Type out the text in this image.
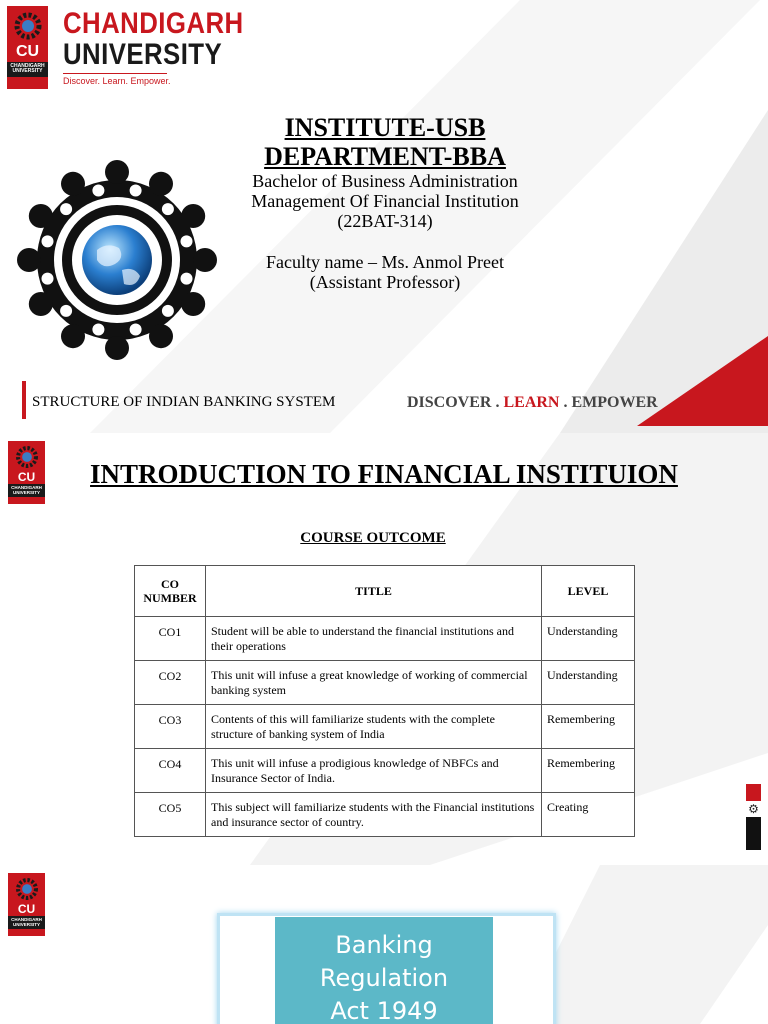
CU
CHANDIGARH UNIVERSITY
CHANDIGARH
UNIVERSITY
Discover. Learn. Empower.
INSTITUTE-USB
DEPARTMENT-BBA
Bachelor of Business Administration
Management Of Financial Institution
(22BAT-314)
Faculty name – Ms. Anmol Preet
(Assistant Professor)
STRUCTURE OF INDIAN BANKING SYSTEM	DISCOVER . LEARN . EMPOWER
CU
CHANDIGARH UNIVERSITY
INTRODUCTION TO FINANCIAL INSTITUION
COURSE OUTCOME
CO NUMBER	TITLE	LEVEL
CO1	Student will be able to understand the financial institutions and their operations	Understanding
CO2	This unit will infuse a great knowledge of working of commercial banking system	Understanding
CO3	Contents of this will familiarize students with the complete structure of banking system of India	Remembering
CO4	This unit will infuse a prodigious knowledge of NBFCs and Insurance Sector of India.	Remembering
CO5	This subject will familiarize students with the Financial institutions and insurance sector of country.	Creating	⚙
CU
CHANDIGARH UNIVERSITY
Banking
Regulation
Act 1949
